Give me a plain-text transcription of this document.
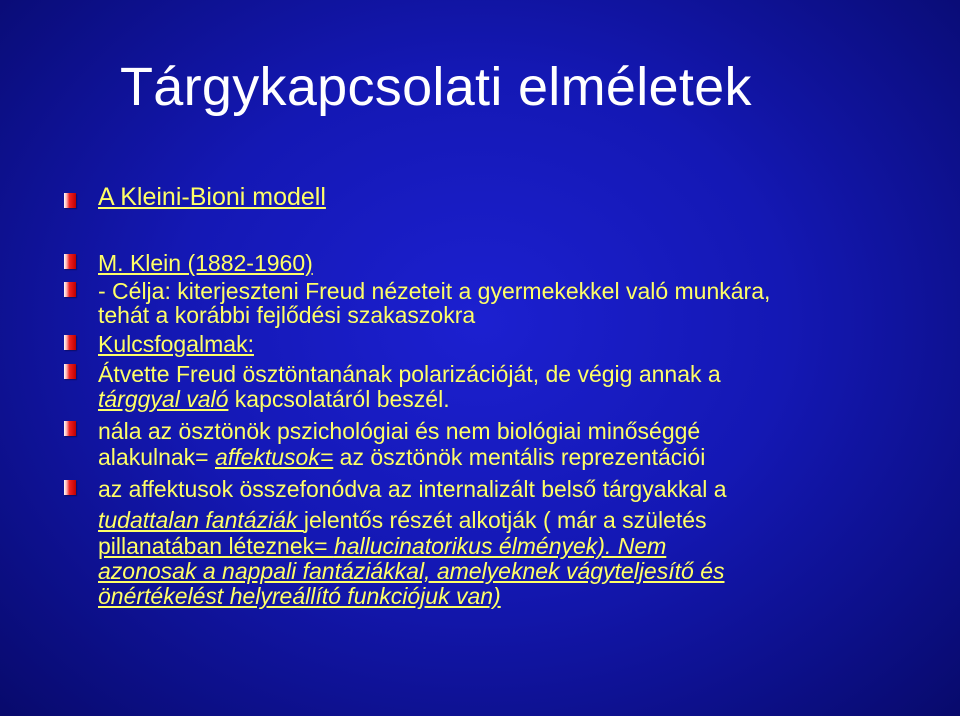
Tárgykapcsolati elméletek
A Kleini-Bioni modell
M. Klein (1882-1960)
- Célja: kiterjeszteni Freud nézeteit a gyermekekkel való munkára,
tehát a korábbi fejlődési szakaszokra
Kulcsfogalmak:
Átvette Freud ösztöntanának polarizációját, de végig annak a
tárggyal való kapcsolatáról beszél.
nála az ösztönök pszichológiai és nem biológiai minőséggé
alakulnak= affektusok= az ösztönök mentális reprezentációi
az affektusok összefonódva az internalizált belső tárgyakkal a
tudattalan fantáziák jelentős részét alkotják ( már a születés
pillanatában léteznek= hallucinatorikus élmények). Nem
azonosak a nappali fantáziákkal, amelyeknek vágyteljesítő és
önértékelést helyreállító funkciójuk van)
